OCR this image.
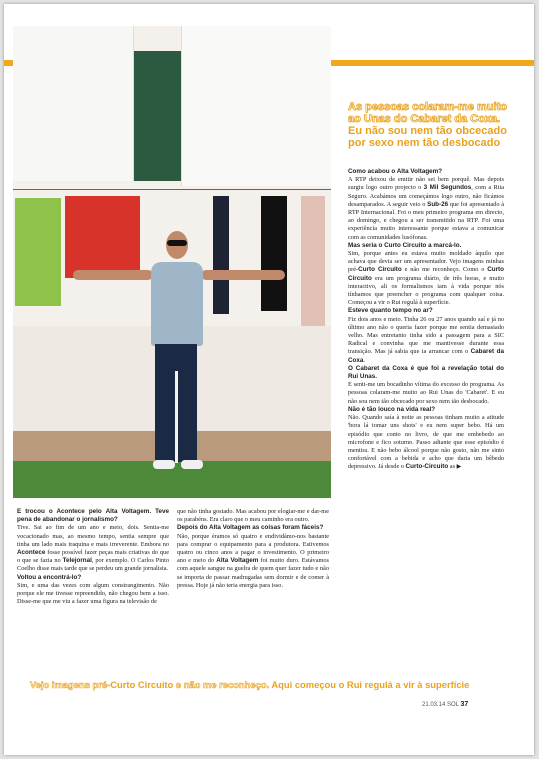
As pessoas colaram-me muito ao Unas do Cabaret da Coxa.
Eu não sou nem tão obcecado por sexo nem tão desbocado

Como acabou o Alta Voltagem?

A RTP deixou de emitir não sei bem porquê. Mas depois surgiu logo outro projecto o 3 Mil Segundos, com a Rita Seguro. Acabámos um começámos logo outro, não ficámos desamparados. A seguir veio o Sub-26 que foi apresentado à RTP Internacional. Foi o meu primeiro programa em directo, ao domingo, e chegou a ser transmitido na RTP. Foi uma experiência muito interessante porque estava a comunicar com as comunidades lusófonas.

Mas seria o Curto Circuito a marcá-lo.

Sim, porque antes eu estava muito moldado àquilo que achava que devia ser um apresentador. Vejo imagens minhas pré-Curto Circuito e não me reconheço. Como o Curto Circuito era um programa diário, de três horas, e muito interactivo, ali os formalismos iam à vida porque nós tínhamos que preencher o programa com qualquer coisa. Começou a vir o Rui regulá à superfície.

Esteve quanto tempo no ar?

Fiz dois anos e meio. Tinha 26 ou 27 anos quando saí e já no último ano não o queria fazer porque me sentia demasiado velho. Mas entretanto tinha sido a passagem para a SIC Radical e convinha que me mantivesse durante essa transição. Mas já sabia que ia arrancar com o Cabaret da Coxa.

O Cabaret da Coxa é que foi a revelação total do Rui Unas.

E senti-me um bocadinho vítima do excesso do programa. As pessoas colaram-me muito ao Rui Unas do 'Cabaret'. E eu não sou nem tão obcecado por sexo nem tão desbocado.

Não é tão louco na vida real?

Não. Quando saía à noite as pessoas tinham muito a atitude 'bora lá tomar uns shots' e eu nem super bebo. Há um episódio que conto no livro, de que me embebedo ao microfone e fico soturno. Passo adiante que esse episódio é mentira. E não bebo álcool porque não gosto, não me sinto confortável com a bebida e acho que daria um bêbedo depressivo. Já desde o Curto-Circuito as ▶

E trocou o Acontece pelo Alta Voltagem. Teve pena de abandonar o jornalismo?

Tive. Sai ao fim de um ano e meio, dois. Sentia-me vocacionado mas, ao mesmo tempo, sentia sempre que tinha um lado mais traquina e mais irreverente. Embora no Acontece fosse possível fazer peças mais criativas do que o que se fazia no Telejornal, por exemplo. O Carlos Pinto Coelho disse mais tarde que se perdeu um grande jornalista.

Voltou a encontrá-lo?

Sim, e uma das vezes com algum constrangimento. Não porque ele me tivesse repreendido, não chegou bem a isso. Disse-me que me viu a fazer uma figura na televisão de

que não tinha gostado. Mas acabou por elogiar-me e dar-me os parabéns. Era claro que o meu caminho era outro.

Depois do Alta Voltagem as coisas foram fáceis?

Não, porque éramos só quatro e endividámo-nos bastante para comprar o equipamento para a produtora. Estivemos quatro ou cinco anos a pagar o investimento. O primeiro ano e meio do Alta Voltagem foi muito duro. Estávamos com aquele sangue na guelra de quem quer fazer tudo e não se importa de passar madrugadas sem dormir e de comer à pressa. Hoje já não teria energia para isso.

Vejo imagens pré-Curto Circuito e não me reconheço. Aqui começou o Rui regulá a vir à superfície
21.03.14 SOL 37
